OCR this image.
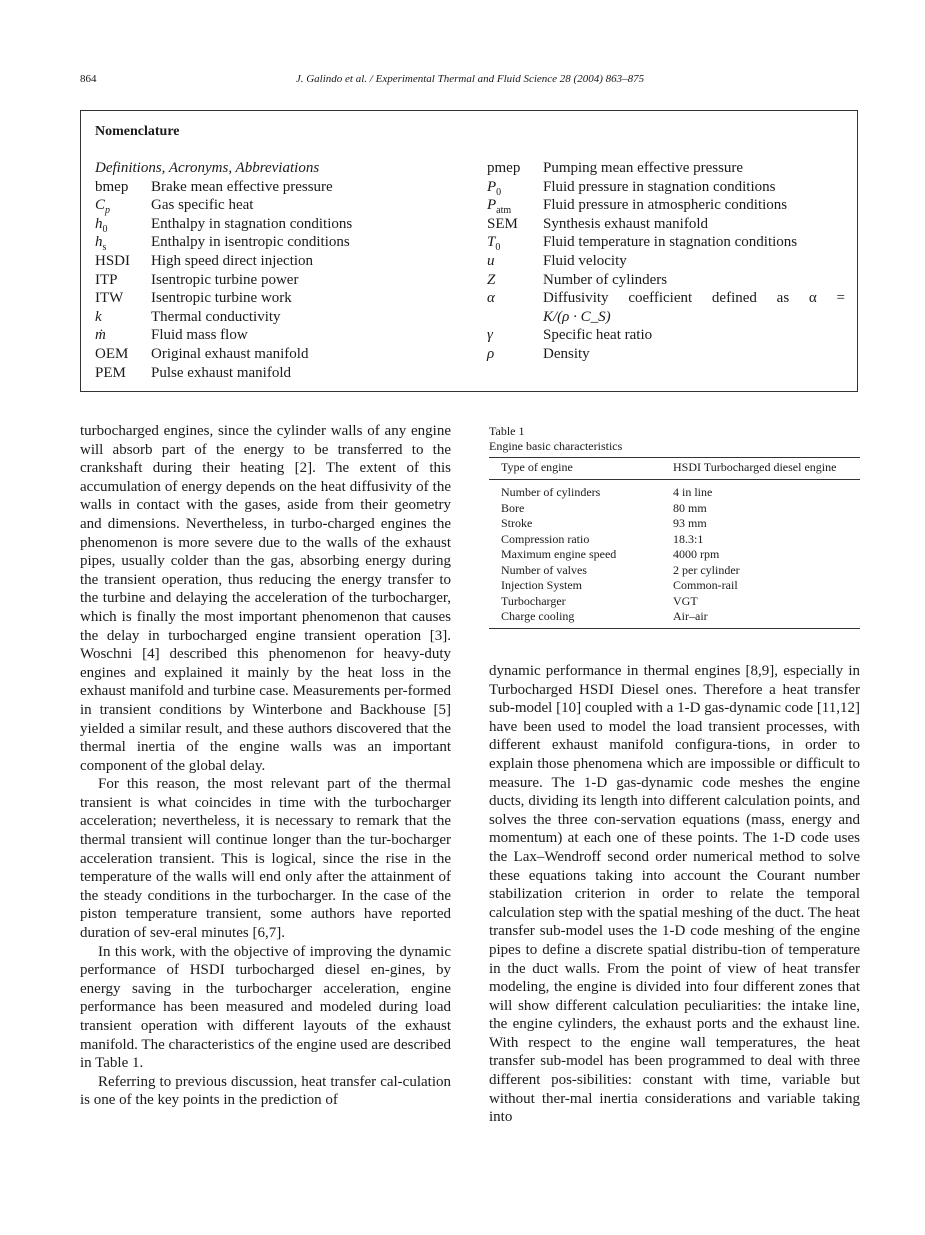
864	J. Galindo et al. / Experimental Thermal and Fluid Science 28 (2004) 863–875
Nomenclature
Definitions, Acronyms, Abbreviations
bmep	Brake mean effective pressure
$C_p$	Gas specific heat
$h_0$	Enthalpy in stagnation conditions
$h_s$	Enthalpy in isentropic conditions
HSDI	High speed direct injection
ITP	Isentropic turbine power
ITW	Isentropic turbine work
k	Thermal conductivity
ṁ	Fluid mass flow
OEM	Original exhaust manifold
PEM	Pulse exhaust manifold
pmep	Pumping mean effective pressure
$P_0$	Fluid pressure in stagnation conditions
$P_{atm}$	Fluid pressure in atmospheric conditions
SEM	Synthesis exhaust manifold
$T_0$	Fluid temperature in stagnation conditions
u	Fluid velocity
Z	Number of cylinders
α	Diffusivity coefficient defined as α =
K/(ρ · C_S)
γ	Specific heat ratio
ρ	Density

turbocharged engines, since the cylinder walls of any engine will absorb part of the energy to be transferred to the crankshaft during their heating [2]. The extent of this accumulation of energy depends on the heat diffusivity of the walls in contact with the gases, aside from their geometry and dimensions. Nevertheless, in turbo-charged engines the phenomenon is more severe due to the walls of the exhaust pipes, usually colder than the gas, absorbing energy during the transient operation, thus reducing the energy transfer to the turbine and delaying the acceleration of the turbocharger, which is finally the most important phenomenon that causes the delay in turbocharged engine transient operation [3]. Woschni [4] described this phenomenon for heavy-duty engines and explained it mainly by the heat loss in the exhaust manifold and turbine case. Measurements per-formed in transient conditions by Winterbone and Backhouse [5] yielded a similar result, and these authors discovered that the thermal inertia of the engine walls was an important component of the global delay.

For this reason, the most relevant part of the thermal transient is what coincides in time with the turbocharger acceleration; nevertheless, it is necessary to remark that the thermal transient will continue longer than the tur-bocharger acceleration transient. This is logical, since the rise in the temperature of the walls will end only after the attainment of the steady conditions in the turbocharger. In the case of the piston temperature transient, some authors have reported duration of sev-eral minutes [6,7].

In this work, with the objective of improving the dynamic performance of HSDI turbocharged diesel en-gines, by energy saving in the turbocharger acceleration, engine performance has been measured and modeled during load transient operation with different layouts of the exhaust manifold. The characteristics of the engine used are described in Table 1.

Referring to previous discussion, heat transfer cal-culation is one of the key points in the prediction of

Table 1
Engine basic characteristics
Type of engine	HSDI Turbocharged diesel engine
Number of cylinders	4 in line
Bore	80 mm
Stroke	93 mm
Compression ratio	18.3:1
Maximum engine speed	4000 rpm
Number of valves	2 per cylinder
Injection System	Common-rail
Turbocharger	VGT
Charge cooling	Air–air

dynamic performance in thermal engines [8,9], especially in Turbocharged HSDI Diesel ones. Therefore a heat transfer sub-model [10] coupled with a 1-D gas-dynamic code [11,12] have been used to model the load transient processes, with different exhaust manifold configura-tions, in order to explain those phenomena which are impossible or difficult to measure. The 1-D gas-dynamic code meshes the engine ducts, dividing its length into different calculation points, and solves the three con-servation equations (mass, energy and momentum) at each one of these points. The 1-D code uses the Lax–Wendroff second order numerical method to solve these equations taking into account the Courant number stabilization criterion in order to relate the temporal calculation step with the spatial meshing of the duct. The heat transfer sub-model uses the 1-D code meshing of the engine pipes to define a discrete spatial distribu-tion of temperature in the duct walls. From the point of view of heat transfer modeling, the engine is divided into four different zones that will show different calculation peculiarities: the intake line, the engine cylinders, the exhaust ports and the exhaust line. With respect to the engine wall temperatures, the heat transfer sub-model has been programmed to deal with three different pos-sibilities: constant with time, variable but without ther-mal inertia considerations and variable taking into
